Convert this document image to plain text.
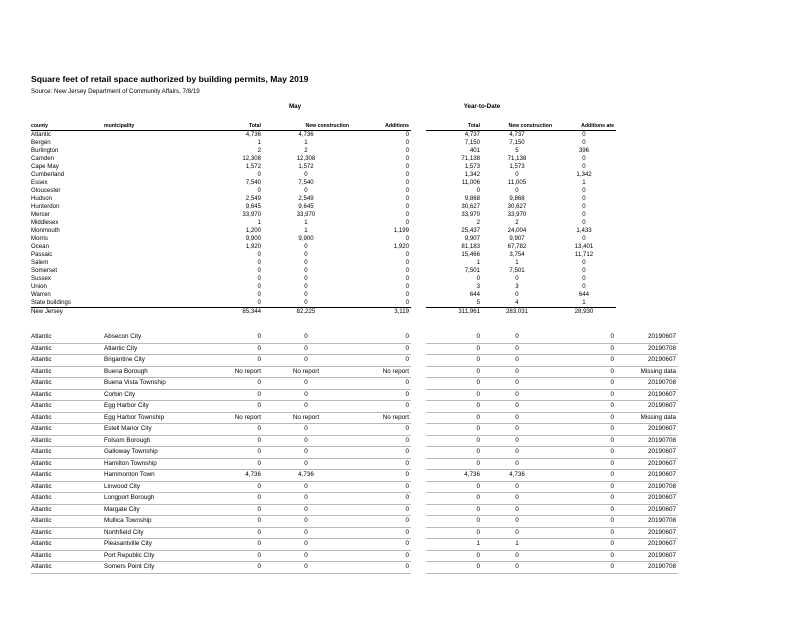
Square feet of retail space authorized by building permits, May 2019
Source: New Jersey Department of Community Affairs, 7/8/19
May	Year-to-Date
county	municipality	Total	New construction	Additions		Total	New construction	Additions ate
Atlantic		4,736	4,736	0		4,737	4,737	0
Bergen		1	1	0		7,150	7,150	0
Burlington		2	2	0		401	5	396
Camden		12,308	12,308	0		71,138	71,138	0
Cape May		1,572	1,572	0		1,573	1,573	0
Cumberland		0	0	0		1,342	0	1,342
Essex		7,540	7,540	0		11,006	11,005	1
Gloucester		0	0	0		0	0	0
Hudson		2,549	2,549	0		9,868	9,868	0
Hunterdon		9,645	9,645	0		30,627	30,627	0
Mercer		33,970	33,970	0		33,970	33,970	0
Middlesex		1	1	0		2	2	0
Monmouth		1,200	1	1,199		25,437	24,004	1,433
Morris		9,900	9,900	0		9,907	9,907	0
Ocean		1,920	0	1,920		81,183	67,782	13,401
Passaic		0	0	0		15,466	3,754	11,712
Salem		0	0	0		1	1	0
Somerset		0	0	0		7,501	7,501	0
Sussex		0	0	0		0	0	0
Union		0	0	0		3	3	0
Warren		0	0	0		644	0	644
State buildings		0	0	0		5	4	1
New Jersey		85,344	82,225	3,119		311,961	283,031	28,930
Atlantic	Absecon City	0	0	0		0	0	0	20190607
Atlantic	Atlantic City	0	0	0		0	0	0	20190708
Atlantic	Brigantine City	0	0	0		0	0	0	20190607
Atlantic	Buena Borough	No report	No report	No report		0	0	0	Missing data
Atlantic	Buena Vista Township	0	0	0		0	0	0	20190708
Atlantic	Corbin City	0	0	0		0	0	0	20190607
Atlantic	Egg Harbor City	0	0	0		0	0	0	20190607
Atlantic	Egg Harbor Township	No report	No report	No report		0	0	0	Missing data
Atlantic	Estell Manor City	0	0	0		0	0	0	20190607
Atlantic	Folsom Borough	0	0	0		0	0	0	20190708
Atlantic	Galloway Township	0	0	0		0	0	0	20190607
Atlantic	Hamilton Township	0	0	0		0	0	0	20190607
Atlantic	Hammonton Town	4,736	4,736	0		4,736	4,736	0	20190607
Atlantic	Linwood City	0	0	0		0	0	0	20190708
Atlantic	Longport Borough	0	0	0		0	0	0	20190607
Atlantic	Margate City	0	0	0		0	0	0	20190607
Atlantic	Mullica Township	0	0	0		0	0	0	20190708
Atlantic	Northfield City	0	0	0		0	0	0	20190607
Atlantic	Pleasantville City	0	0	0		1	1	0	20190607
Atlantic	Port Republic City	0	0	0		0	0	0	20190607
Atlantic	Somers Point City	0	0	0		0	0	0	20190708
